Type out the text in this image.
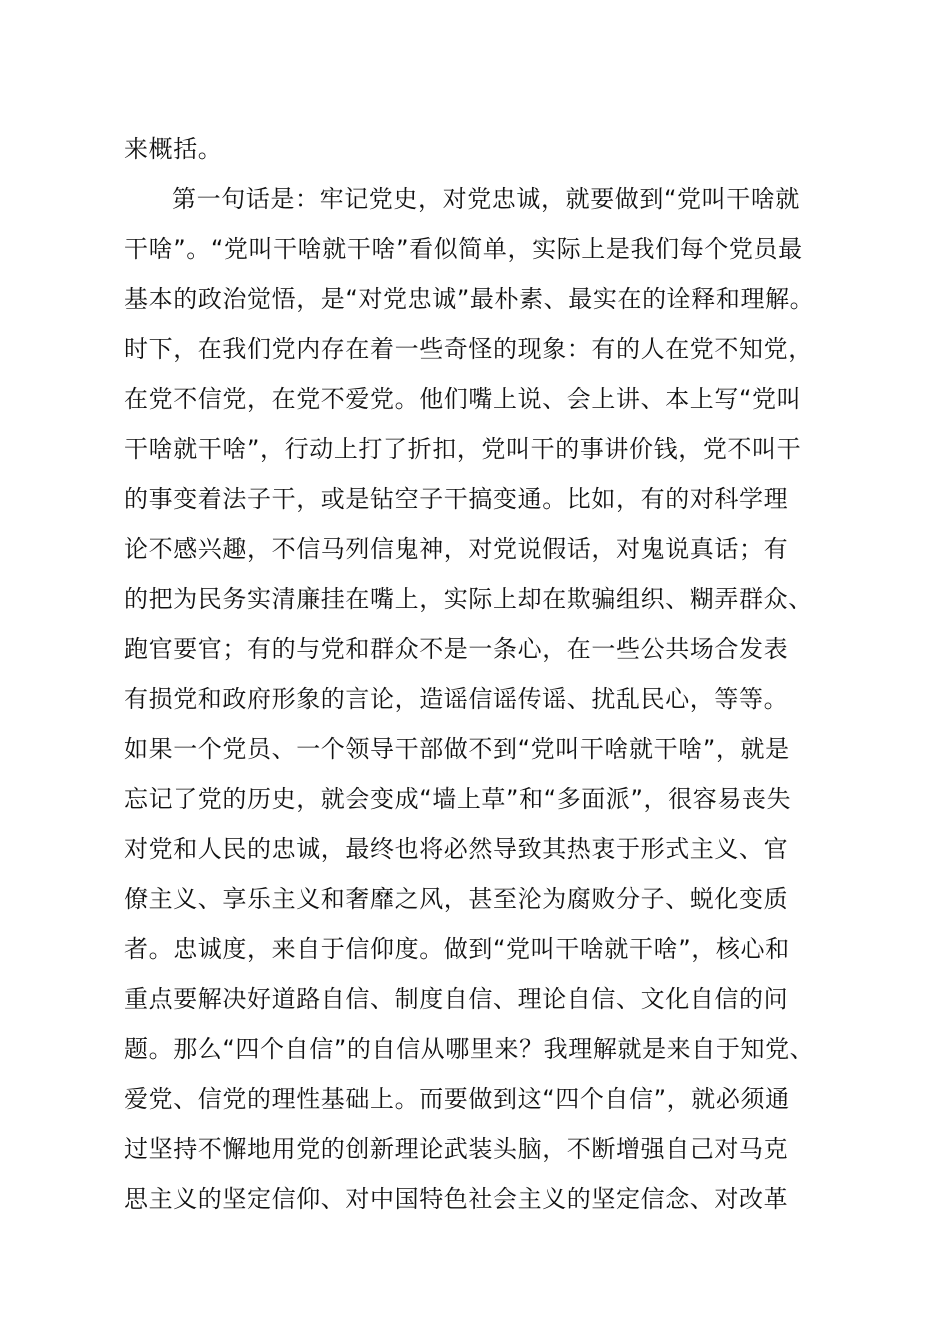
来概括。
第一句话是：牢记党史，对党忠诚，就要做到“党叫干啥就
干啥”。“党叫干啥就干啥”看似简单，实际上是我们每个党员最
基本的政治觉悟，是“对党忠诚”最朴素、最实在的诠释和理解。
时下，在我们党内存在着一些奇怪的现象：有的人在党不知党，
在党不信党，在党不爱党。他们嘴上说、会上讲、本上写“党叫
干啥就干啥”，行动上打了折扣，党叫干的事讲价钱，党不叫干
的事变着法子干，或是钻空子干搞变通。比如，有的对科学理
论不感兴趣，不信马列信鬼神，对党说假话，对鬼说真话；有
的把为民务实清廉挂在嘴上，实际上却在欺骗组织、糊弄群众、
跑官要官；有的与党和群众不是一条心，在一些公共场合发表
有损党和政府形象的言论，造谣信谣传谣、扰乱民心，等等。
如果一个党员、一个领导干部做不到“党叫干啥就干啥”，就是
忘记了党的历史，就会变成“墙上草”和“多面派”，很容易丧失
对党和人民的忠诚，最终也将必然导致其热衷于形式主义、官
僚主义、享乐主义和奢靡之风，甚至沦为腐败分子、蜕化变质
者。忠诚度，来自于信仰度。做到“党叫干啥就干啥”，核心和
重点要解决好道路自信、制度自信、理论自信、文化自信的问
题。那么“四个自信”的自信从哪里来？我理解就是来自于知党、
爱党、信党的理性基础上。而要做到这“四个自信”，就必须通
过坚持不懈地用党的创新理论武装头脑，不断增强自己对马克
思主义的坚定信仰、对中国特色社会主义的坚定信念、对改革
